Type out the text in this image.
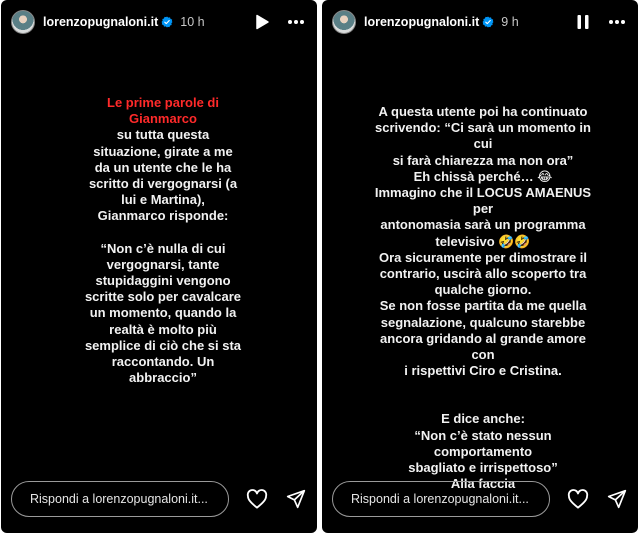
lorenzopugnaloni.it 10 h

Le prime parole di
Gianmarco

su tutta questa
situazione, girate a me
da un utente che le ha
scritto di vergognarsi (a
lui e Martina),
Gianmarco risponde:

“Non c’è nulla di cui
vergognarsi, tante
stupidaggini vengono
scritte solo per cavalcare
un momento, quando la
realtà è molto più
semplice di ciò che si sta
raccontando. Un
abbraccio”

Rispondi a lorenzopugnaloni.it...
lorenzopugnaloni.it 9 h

A questa utente poi ha continuato
scrivendo: “Ci sarà un momento in cui
si farà chiarezza ma non ora”
Eh chissà perché… 😂
Immagino che il LOCUS AMAENUS per
antonomasia sarà un programma
televisivo 🤣🤣
Ora sicuramente per dimostrare il
contrario, uscirà allo scoperto tra
qualche giorno.
Se non fosse partita da me quella
segnalazione, qualcuno starebbe
ancora gridando al grande amore con
i rispettivi Ciro e Cristina.

E dice anche:
“Non c’è stato nessun comportamento
sbagliato e irrispettoso”
Alla faccia

Rispondi a lorenzopugnaloni.it...
